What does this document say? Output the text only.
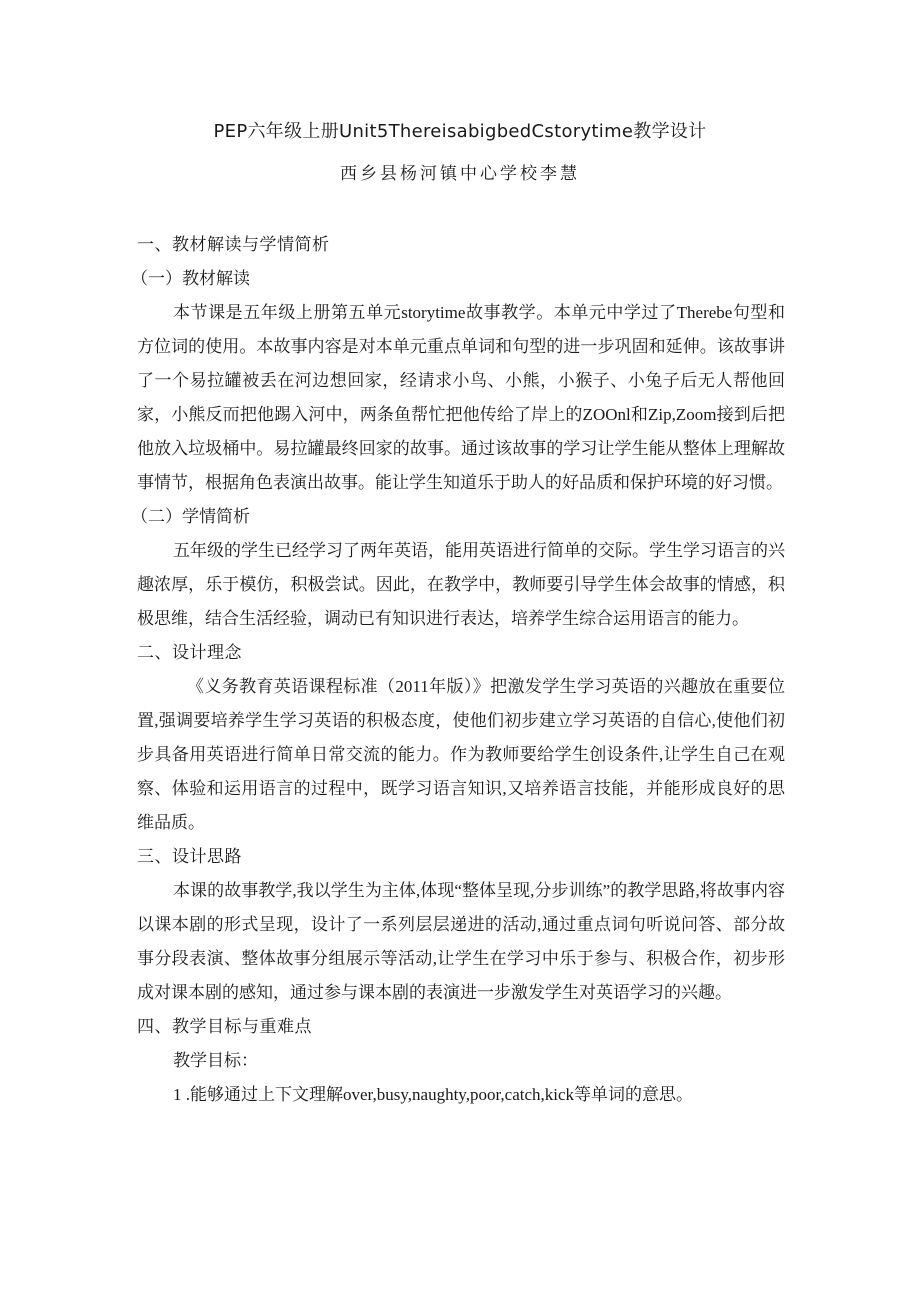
PEP六年级上册Unit5ThereisabigbedCstorytime教学设计
西乡县杨河镇中心学校李慧

一、教材解读与学情简析

（一）教材解读

本节课是五年级上册第五单元storytime故事教学。本单元中学过了Therebe句型和方位词的使用。本故事内容是对本单元重点单词和句型的进一步巩固和延伸。该故事讲了一个易拉罐被丢在河边想回家，经请求小鸟、小熊，小猴子、小兔子后无人帮他回家，小熊反而把他踢入河中，两条鱼帮忙把他传给了岸上的ZOOnl和Zip,Zoom接到后把他放入垃圾桶中。易拉罐最终回家的故事。通过该故事的学习让学生能从整体上理解故事情节，根据角色表演出故事。能让学生知道乐于助人的好品质和保护环境的好习惯。

（二）学情简析

五年级的学生已经学习了两年英语，能用英语进行简单的交际。学生学习语言的兴趣浓厚，乐于模仿，积极尝试。因此，在教学中，教师要引导学生体会故事的情感，积极思维，结合生活经验，调动已有知识进行表达，培养学生综合运用语言的能力。

二、设计理念

《义务教育英语课程标准（2011年版）》把激发学生学习英语的兴趣放在重要位置,强调要培养学生学习英语的积极态度，使他们初步建立学习英语的自信心,使他们初步具备用英语进行简单日常交流的能力。作为教师要给学生创设条件,让学生自己在观察、体验和运用语言的过程中，既学习语言知识,又培养语言技能，并能形成良好的思维品质。

三、设计思路

本课的故事教学,我以学生为主体,体现“整体呈现,分步训练”的教学思路,将故事内容以课本剧的形式呈现，设计了一系列层层递进的活动,通过重点词句听说问答、部分故事分段表演、整体故事分组展示等活动,让学生在学习中乐于参与、积极合作，初步形成对课本剧的感知，通过参与课本剧的表演进一步激发学生对英语学习的兴趣。

四、教学目标与重难点

教学目标：

1 .能够通过上下文理解over,busy,naughty,poor,catch,kick等单词的意思。
